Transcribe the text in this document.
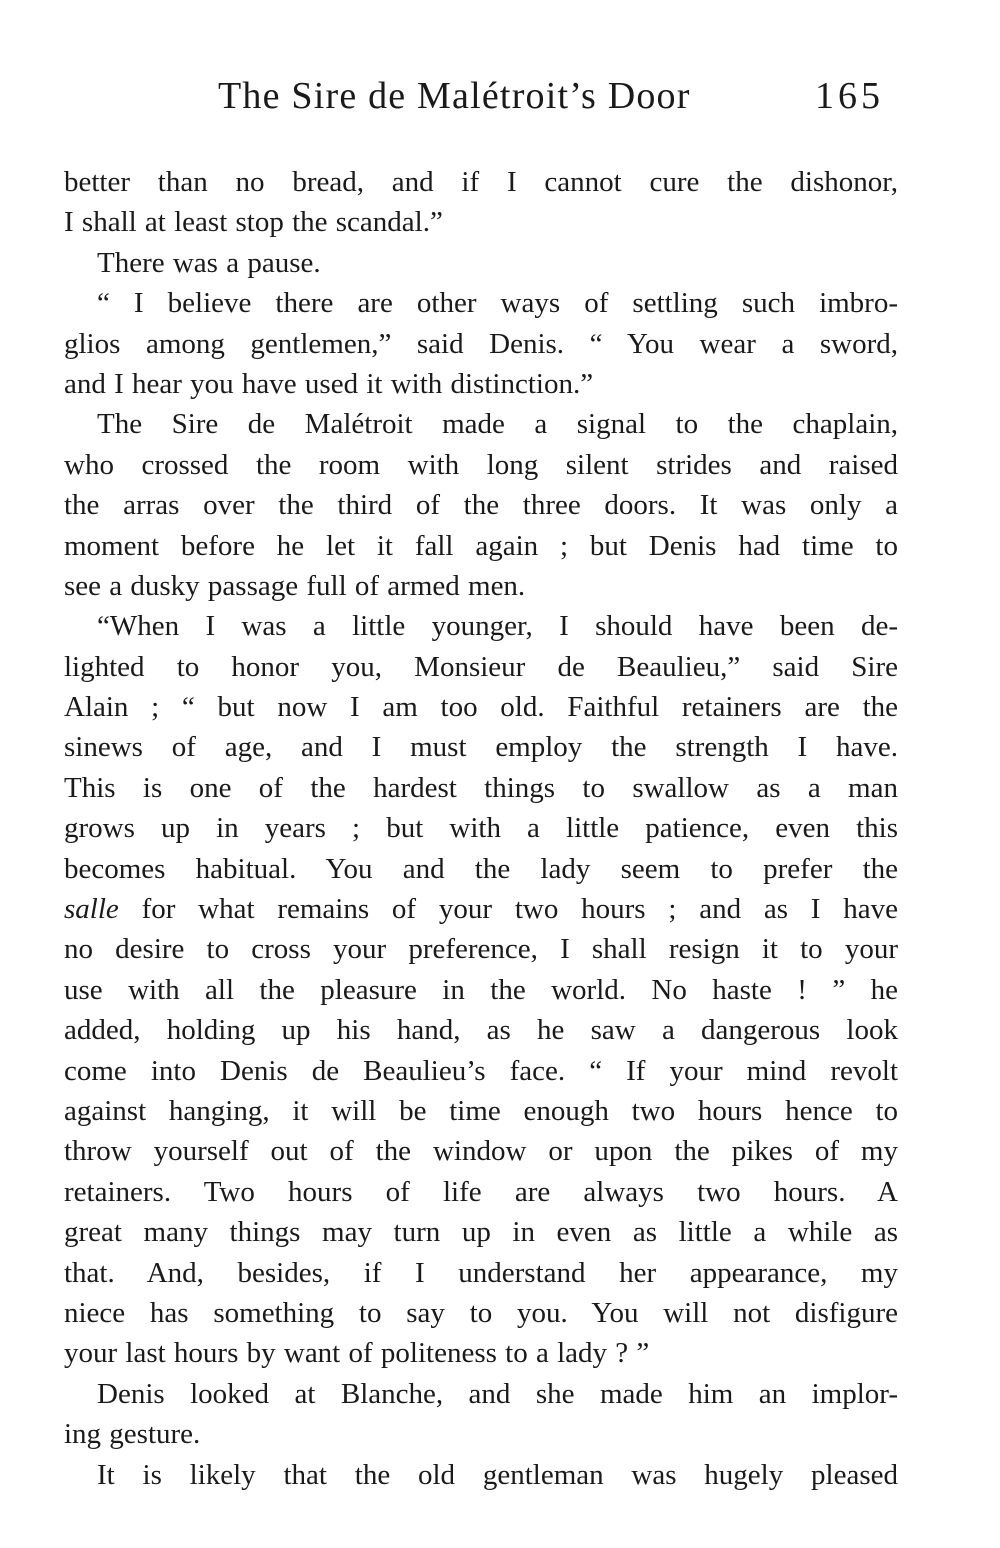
The Sire de Malétroit’s Door	165
better than no bread, and if I cannot cure the dishonor,
I shall at least stop the scandal.”
There was a pause.
“ I believe there are other ways of settling such imbro-
glios among gentlemen,” said Denis. “ You wear a sword,
and I hear you have used it with distinction.”
The Sire de Malétroit made a signal to the chaplain,
who crossed the room with long silent strides and raised
the arras over the third of the three doors. It was only a
moment before he let it fall again ; but Denis had time to
see a dusky passage full of armed men.
“When I was a little younger, I should have been de-
lighted to honor you, Monsieur de Beaulieu,” said Sire
Alain ; “ but now I am too old. Faithful retainers are the
sinews of age, and I must employ the strength I have.
This is one of the hardest things to swallow as a man
grows up in years ; but with a little patience, even this
becomes habitual. You and the lady seem to prefer the
salle for what remains of your two hours ; and as I have
no desire to cross your preference, I shall resign it to your
use with all the pleasure in the world. No haste ! ” he
added, holding up his hand, as he saw a dangerous look
come into Denis de Beaulieu’s face. “ If your mind revolt
against hanging, it will be time enough two hours hence to
throw yourself out of the window or upon the pikes of my
retainers. Two hours of life are always two hours. A
great many things may turn up in even as little a while as
that. And, besides, if I understand her appearance, my
niece has something to say to you. You will not disfigure
your last hours by want of politeness to a lady ? ”
Denis looked at Blanche, and she made him an implor-
ing gesture.
It is likely that the old gentleman was hugely pleased
